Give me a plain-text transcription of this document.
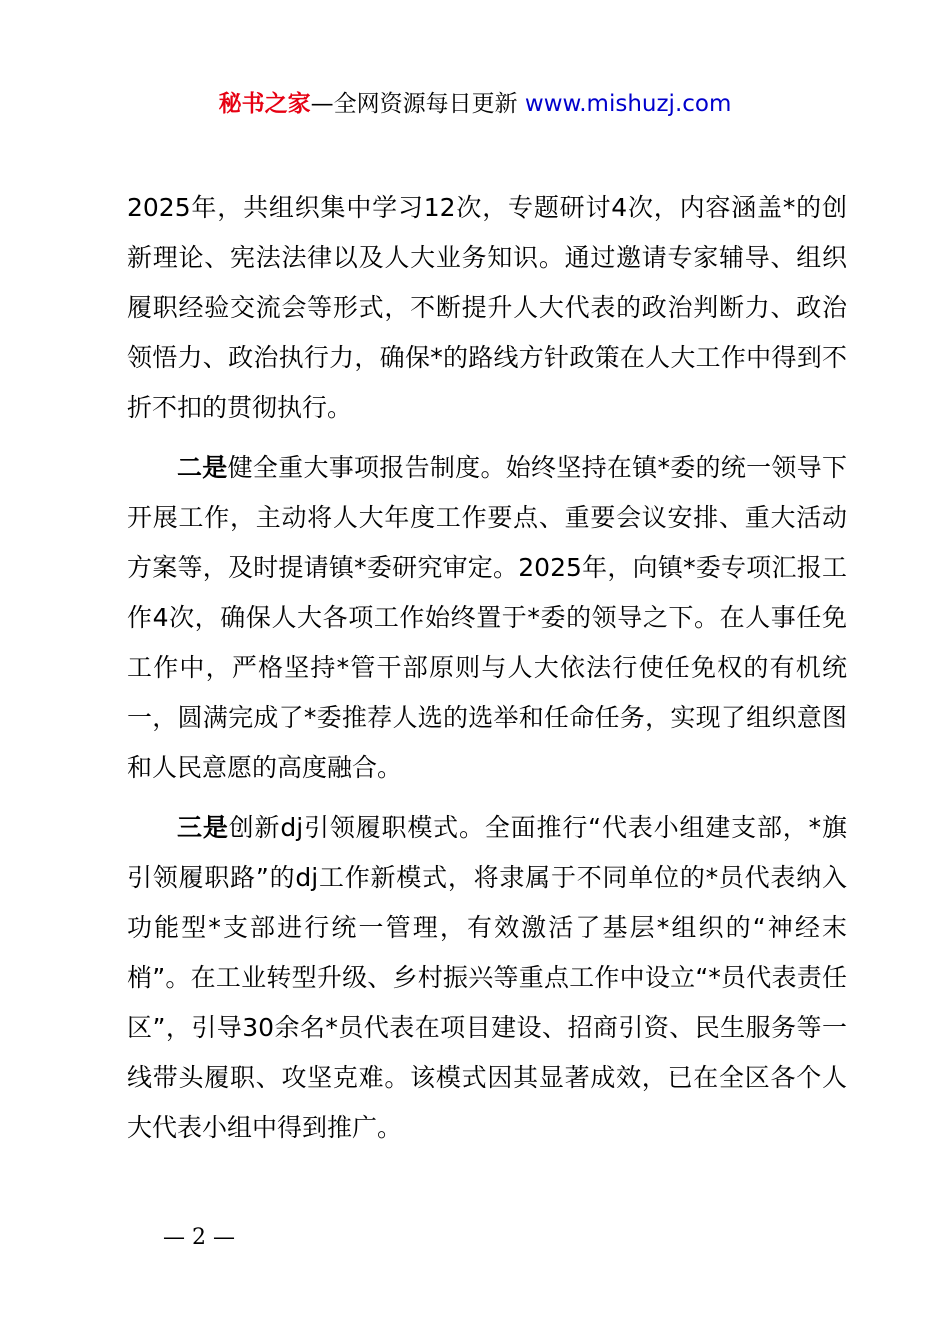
秘书之家—全网资源每日更新 www.mishuzj.com

2025年，共组织集中学习12次，专题研讨4次，内容涵盖*的创新理论、宪法法律以及人大业务知识。通过邀请专家辅导、组织履职经验交流会等形式，不断提升人大代表的政治判断力、政治领悟力、政治执行力，确保*的路线方针政策在人大工作中得到不折不扣的贯彻执行。

二是健全重大事项报告制度。始终坚持在镇*委的统一领导下开展工作，主动将人大年度工作要点、重要会议安排、重大活动方案等，及时提请镇*委研究审定。2025年，向镇*委专项汇报工作4次，确保人大各项工作始终置于*委的领导之下。在人事任免工作中，严格坚持*管干部原则与人大依法行使任免权的有机统一，圆满完成了*委推荐人选的选举和任命任务，实现了组织意图和人民意愿的高度融合。

三是创新dj引领履职模式。全面推行“代表小组建支部，*旗引领履职路”的dj工作新模式，将隶属于不同单位的*员代表纳入功能型*支部进行统一管理，有效激活了基层*组织的“神经末梢”。在工业转型升级、乡村振兴等重点工作中设立“*员代表责任区”，引导30余名*员代表在项目建设、招商引资、民生服务等一线带头履职、攻坚克难。该模式因其显著成效，已在全区各个人大代表小组中得到推广。

— 2 —
